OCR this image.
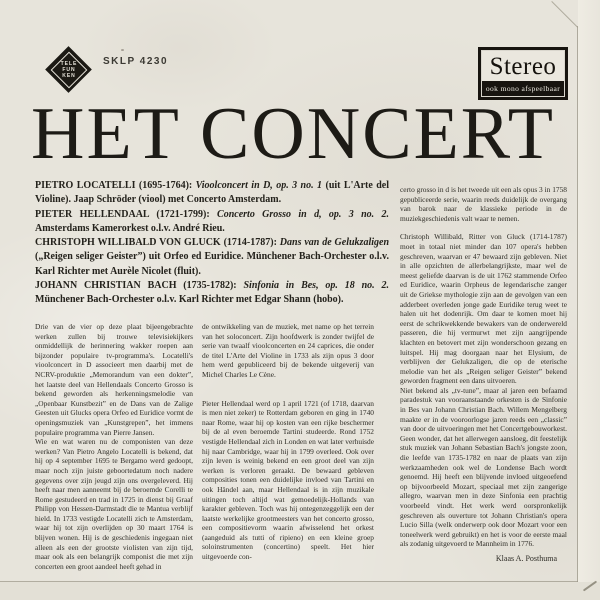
TELE
FUN
KEN
SKLP 4230	Stereo
ook mono afspeelbaar
HET CONCERT

PIETRO LOCATELLI (1695-1764): Vioolconcert in D, op. 3 no. 1 (uit L'Arte del Violine). Jaap Schröder (viool) met Concerto Amsterdam.

PIETER HELLENDAAL (1721-1799): Concerto Grosso in d, op. 3 no. 2. Amsterdams Kamerorkest o.l.v. André Rieu.

CHRISTOPH WILLIBALD VON GLUCK (1714-1787): Dans van de Gelukzaligen („Reigen seliger Geister”) uit Orfeo ed Euridice. Münchener Bach-Orchester o.l.v. Karl Richter met Aurèle Nicolet (fluit).

JOHANN CHRISTIAN BACH (1735-1782): Sinfonia in Bes, op. 18 no. 2. Münchener Bach-Orchester o.l.v. Karl Richter met Edgar Shann (hobo).

Drie van de vier op deze plaat bijeengebrachte werken zullen bij trouwe televisiekijkers onmiddellijk de herinnering wakker roepen aan bijzonder populaire tv-programma's. Locatelli's vioolconcert in D associeert men daarbij met de NCRV-produktie „Memorandum van een dokter”, het laatste deel van Hellendaals Concerto Grosso is bekend geworden als herkenningsmelodie van „Openbaar Kunstbezit” en de Dans van de Zalige Geesten uit Glucks opera Orfeo ed Euridice vormt de openingsmuziek van „Kunstgrepen”, het immens populaire programma van Pierre Jansen.

Wie en wat waren nu de componisten van deze werken? Van Pietro Angelo Locatelli is bekend, dat hij op 4 september 1695 te Bergamo werd gedoopt, maar noch zijn juiste geboortedatum noch nadere gegevens over zijn jeugd zijn ons overgeleverd. Hij heeft naar men aanneemt bij de beroemde Corelli te Rome gestudeerd en trad in 1725 in dienst bij Graaf Philipp von Hessen-Darmstadt die te Mantua verblijf hield. In 1733 vestigde Locatelli zich te Amsterdam, waar hij tot zijn overlijden op 30 maart 1764 is blijven wonen. Hij is de geschiedenis ingegaan niet alleen als een der grootste violisten van zijn tijd, maar ook als een belangrijk componist die met zijn concerten een groot aandeel heeft gehad in

de ontwikkeling van de muziek, met name op het terrein van het soloconcert. Zijn hoofdwerk is zonder twijfel de serie van twaalf vioolconcerten en 24 caprices, die onder de titel L'Arte del Violine in 1733 als zijn opus 3 door hem werd gepubliceerd bij de bekende uitgeverij van Michel Charles Le Cène.

Pieter Hellendaal werd op 1 april 1721 (of 1718, daarvan is men niet zeker) te Rotterdam geboren en ging in 1740 naar Rome, waar hij op kosten van een rijke beschermer bij de al even beroemde Tartini studeerde. Rond 1752 vestigde Hellendaal zich in Londen en wat later verhuisde hij naar Cambridge, waar hij in 1799 overleed. Ook over zijn leven is weinig bekend en een groot deel van zijn werken is verloren geraakt. De bewaard gebleven composities tonen een duidelijke invloed van Tartini en ook Händel aan, maar Hellendaal is in zijn muzikale uitingen toch altijd wat gemoedelijk-Hollands van karakter gebleven. Toch was hij ontegenzeggelijk een der laatste werkelijke grootmeesters van het concerto grosso, een compositievorm waarin afwisselend het orkest (aangeduid als tutti of ripieno) en een kleine groep soloinstrumenten (concertino) speelt. Het hier uitgevoerde con-

certo grosso in d is het tweede uit een als opus 3 in 1758 gepubliceerde serie, waarin reeds duidelijk de overgang van barok naar de klassieke periode in de muziekgeschiedenis valt waar te nemen.

Christoph Willibald, Ritter von Gluck (1714-1787) moet in totaal niet minder dan 107 opera's hebben geschreven, waarvan er 47 bewaard zijn gebleven. Niet in alle opzichten de allerbelangrijkste, maar wel de meest geliefde daarvan is de uit 1762 stammende Orfeo ed Euridice, waarin Orpheus de legendarische zanger uit de Griekse mythologie zijn aan de gevolgen van een adderbeet overleden jonge gade Euridike terug weet te halen uit het dodenrijk. Om daar te komen moet hij eerst de schrikwekkende bewakers van de onderwereld passeren, die hij vermurwt met zijn aangrijpende klachten en betovert met zijn wonderschoon gezang en luitspel. Hij mag doorgaan naar het Elysium, de verblijven der Gelukzaligen, die op de eterische melodie van het als „Reigen seliger Geister” bekend geworden fragment een dans uitvoeren.

Niet bekend als „tv-tune”, maar al jaren een befaamd paradestuk van vooraanstaande orkesten is de Sinfonie in Bes van Johann Christian Bach. Willem Mengelberg maakte er in de vooroorlogse jaren reeds een „classic” van door de uitvoeringen met het Concertgebouworkest. Geen wonder, dat het allerwegen aansloeg, dit feestelijk stuk muziek van Johann Sebastian Bach's jongste zoon, die leefde van 1735-1782 en naar de plaats van zijn werkzaamheden ook wel de Londense Bach wordt genoemd. Hij heeft een blijvende invloed uitgeoefend op bijvoorbeeld Mozart, speciaal met zijn zangerige allegro, waarvan men in deze Sinfonia een prachtig voorbeeld vindt. Het werk werd oorspronkelijk geschreven als ouverture tot Johann Christian's opera Lucio Silla (welk onderwerp ook door Mozart voor een toneelwerk werd gebruikt) en het is voor de eerste maal als zodanig uitgevoerd te Mannheim in 1776.

Klaas A. Posthuma
